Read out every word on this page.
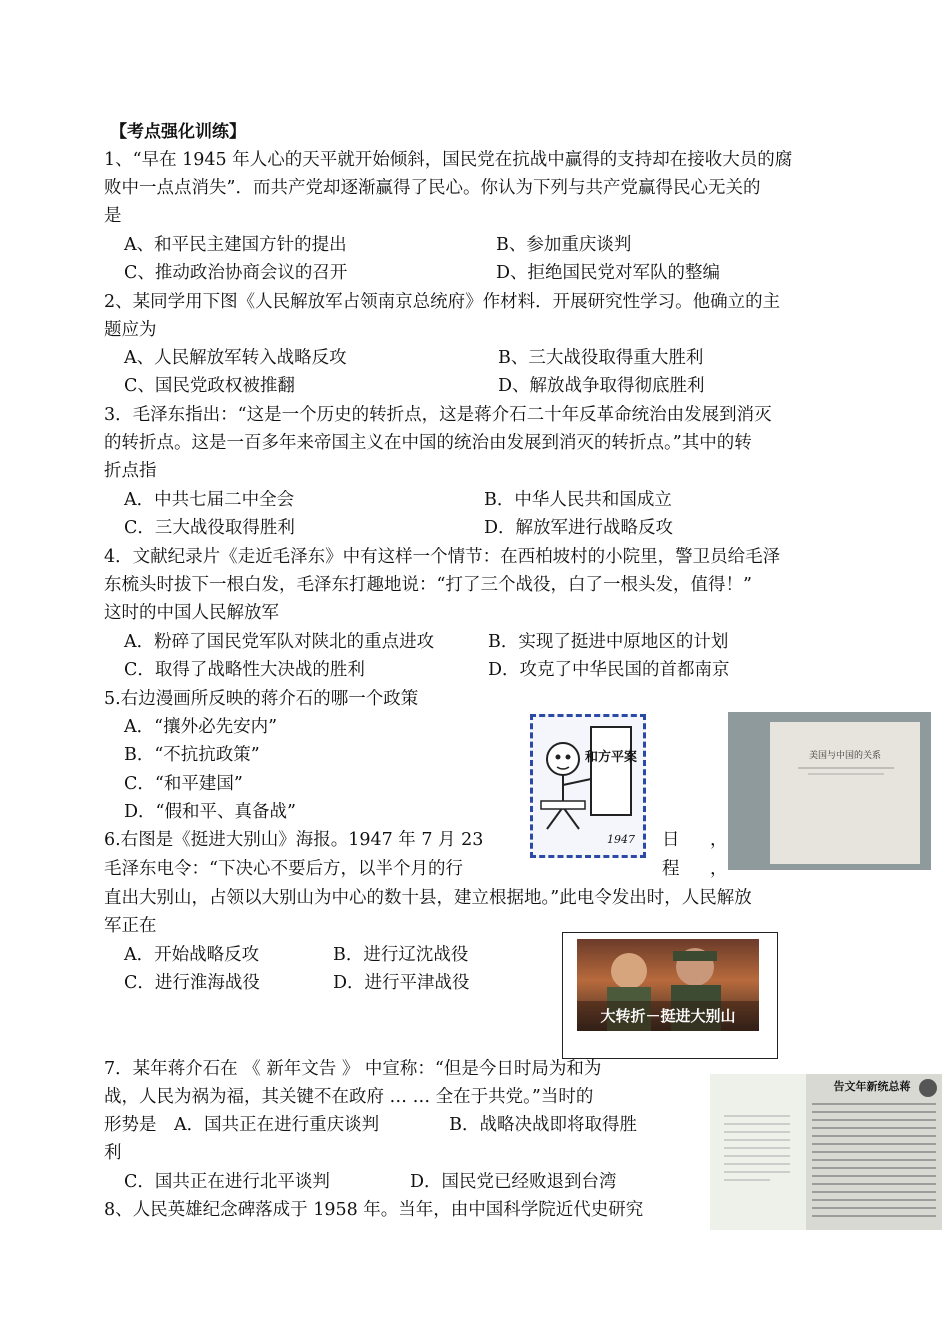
【考点强化训练】
1、“早在 1945 年人心的天平就开始倾斜，国民党在抗战中赢得的支持却在接收大员的腐
败中一点点消失”．而共产党却逐渐赢得了民心。你认为下列与共产党赢得民心无关的
是
A、和平民主建国方针的提出	B、参加重庆谈判
C、推动政治协商会议的召开	D、拒绝国民党对军队的整编
2、某同学用下图《人民解放军占领南京总统府》作材料．开展研究性学习。他确立的主
题应为
A、人民解放军转入战略反攻	B、三大战役取得重大胜利
C、国民党政权被推翻	D、解放战争取得彻底胜利
3．毛泽东指出：“这是一个历史的转折点，这是蒋介石二十年反革命统治由发展到消灭
的转折点。这是一百多年来帝国主义在中国的统治由发展到消灭的转折点。”其中的转
折点指
A．中共七届二中全会	B．中华人民共和国成立
C．三大战役取得胜利	D．解放军进行战略反攻
4．文献纪录片《走近毛泽东》中有这样一个情节：在西柏坡村的小院里，警卫员给毛泽
东梳头时拔下一根白发，毛泽东打趣地说：“打了三个战役，白了一根头发，值得！”
这时的中国人民解放军
A．粉碎了国民党军队对陕北的重点进攻	B．实现了挺进中原地区的计划
C．取得了战略性大决战的胜利	D．攻克了中华民国的首都南京
5.右边漫画所反映的蒋介石的哪一个政策
A．“攘外必先安内”
B．“不抗抗政策”
C．“和平建国”
D．“假和平、真备战”
6.右图是《挺进大别山》海报。1947 年 7 月 23	日 ，
毛泽东电令：“下决心不要后方，以半个月的行	程 ，
直出大别山，占领以大别山为中心的数十县，建立根据地。”此电令发出时，人民解放
军正在
A．开始战略反攻	B．进行辽沈战役
C．进行淮海战役	D．进行平津战役
7．某年蒋介石在 《 新年文告 》 中宣称：“但是今日时局为和为
战，人民为祸为福，其关键不在政府 … … 全在于共党。”当时的
形势是　A．国共正在进行重庆谈判　　　　B．战略决战即将取得胜
利
C．国共正在进行北平谈判	D．国民党已经败退到台湾
8、人民英雄纪念碑落成于 1958 年。当年，由中国科学院近代史研究
和方平案
1947
美国与中国的关系
大转折－挺进大别山
告文年新统总蒋
